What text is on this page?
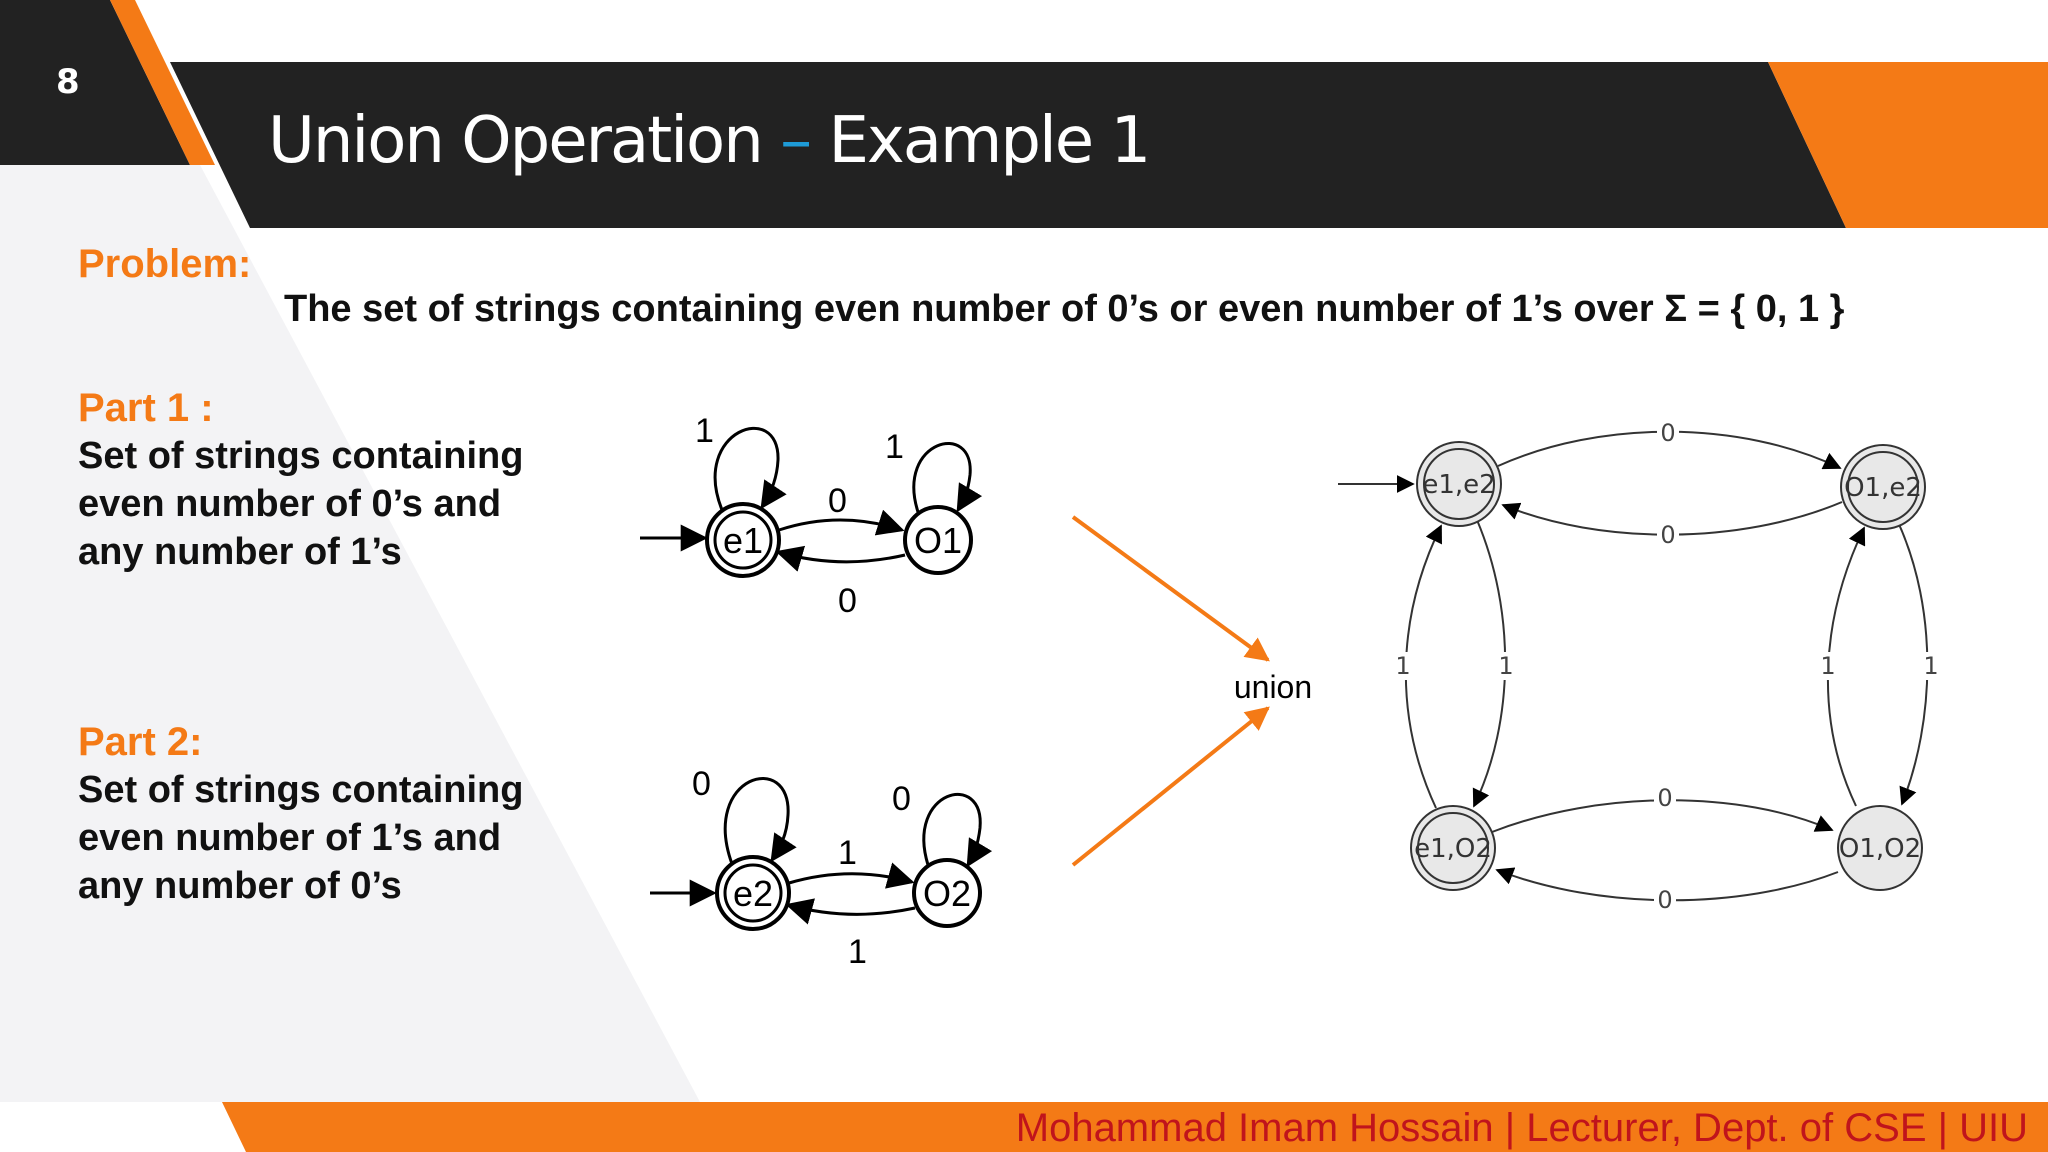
e1	O1
1	1
0
0
e2	O2
0	0
1
1
union
0
0
0
0
1	1	1	1
e1,e2	O1,e2
e1,O2	O1,O2
8
Union Operation – Example 1
Problem:
The set of strings containing even number of 0’s or even number of 1’s over Σ = { 0, 1 }
Part 1 :
Set of strings containing
even number of 0’s and
any number of 1’s
Part 2:
Set of strings containing
even number of 1’s and
any number of 0’s
Mohammad Imam Hossain | Lecturer, Dept. of CSE | UIU
